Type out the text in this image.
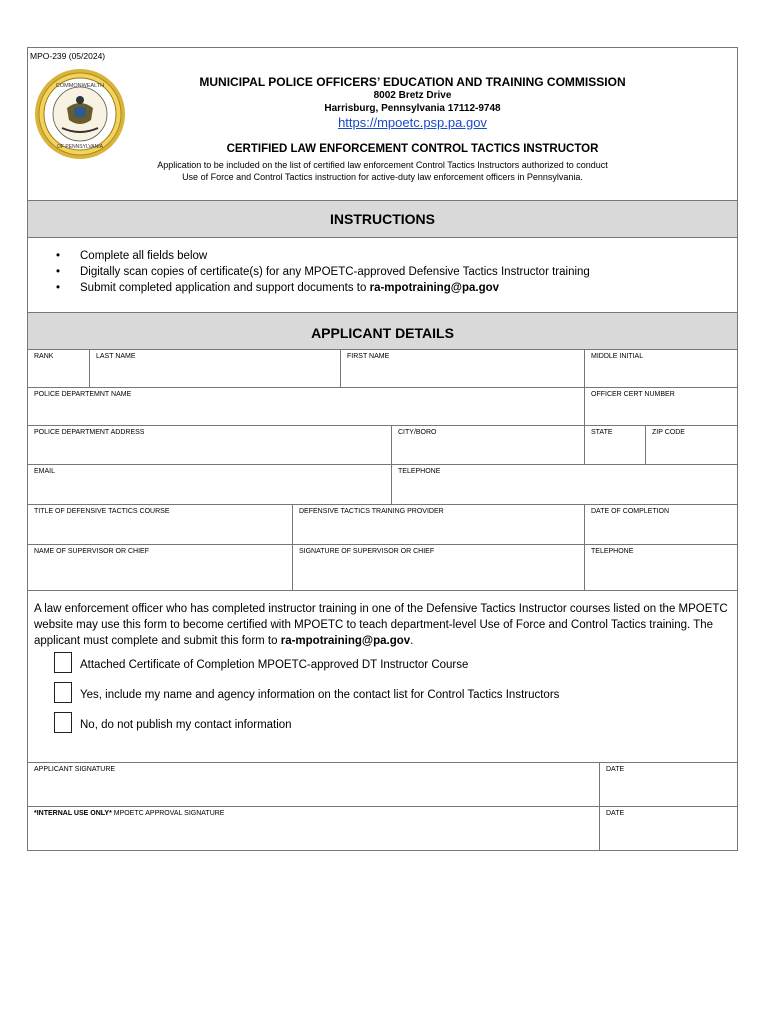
MPO-239 (05/2024)
COMMONWEALTH
OF PENNSYLVANIA
MUNICIPAL POLICE OFFICERS’ EDUCATION AND TRAINING COMMISSION
8002 Bretz Drive
Harrisburg, Pennsylvania 17112-9748
https://mpoetc.psp.pa.gov
CERTIFIED LAW ENFORCEMENT CONTROL TACTICS INSTRUCTOR
Application to be included on the list of certified law enforcement Control Tactics Instructors authorized to conduct
Use of Force and Control Tactics instruction for active-duty law enforcement officers in Pennsylvania.
INSTRUCTIONS
• Complete all fields below
• Digitally scan copies of certificate(s) for any MPOETC-approved Defensive Tactics Instructor training
• Submit completed application and support documents to ra-mpotraining@pa.gov
APPLICANT DETAILS
RANK	LAST NAME	FIRST NAME	MIDDLE INITIAL
POLICE DEPARTEMNT NAME	OFFICER CERT NUMBER
POLICE DEPARTMENT ADDRESS	CITY/BORO	STATE	ZIP CODE
EMAIL	TELEPHONE
TITLE OF DEFENSIVE TACTICS COURSE	DEFENSIVE TACTICS TRAINING PROVIDER	DATE OF COMPLETION
NAME OF SUPERVISOR OR CHIEF	SIGNATURE OF SUPERVISOR OR CHIEF	TELEPHONE

A law enforcement officer who has completed instructor training in one of the Defensive Tactics Instructor courses listed on the MPOETC website may use this form to become certified with MPOETC to teach department-level Use of Force and Control Tactics training. The applicant must complete and submit this form to ra-mpotraining@pa.gov.

Attached Certificate of Completion MPOETC-approved DT Instructor Course
Yes, include my name and agency information on the contact list for Control Tactics Instructors
No, do not publish my contact information
APPLICANT SIGNATURE	DATE
*INTERNAL USE ONLY* MPOETC APPROVAL SIGNATURE	DATE
